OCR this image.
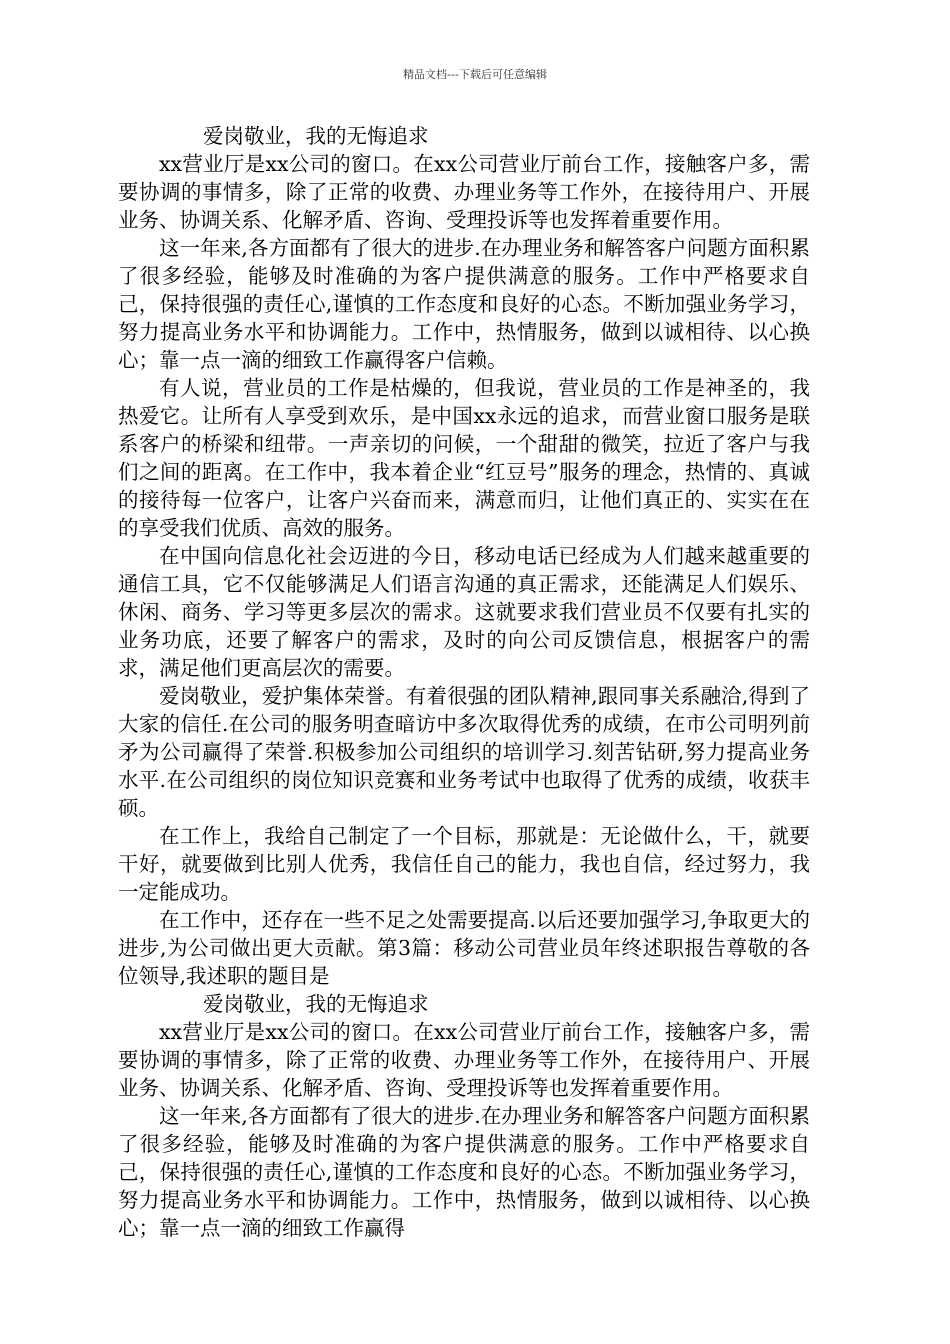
精品文档---下载后可任意编辑

爱岗敬业，我的无悔追求

xx营业厅是xx公司的窗口。在xx公司营业厅前台工作，接触客户多，需要协调的事情多，除了正常的收费、办理业务等工作外，在接待用户、开展业务、协调关系、化解矛盾、咨询、受理投诉等也发挥着重要作用。

这一年来,各方面都有了很大的进步.在办理业务和解答客户问题方面积累了很多经验，能够及时准确的为客户提供满意的服务。工作中严格要求自己，保持很强的责任心,谨慎的工作态度和良好的心态。不断加强业务学习，努力提高业务水平和协调能力。工作中，热情服务，做到以诚相待、以心换心；靠一点一滴的细致工作赢得客户信赖。

有人说，营业员的工作是枯燥的，但我说，营业员的工作是神圣的，我热爱它。让所有人享受到欢乐，是中国xx永远的追求，而营业窗口服务是联系客户的桥梁和纽带。一声亲切的问候，一个甜甜的微笑，拉近了客户与我们之间的距离。在工作中，我本着企业“红豆号”服务的理念，热情的、真诚的接待每一位客户，让客户兴奋而来，满意而归，让他们真正的、实实在在的享受我们优质、高效的服务。

在中国向信息化社会迈进的今日，移动电话已经成为人们越来越重要的通信工具，它不仅能够满足人们语言沟通的真正需求，还能满足人们娱乐、休闲、商务、学习等更多层次的需求。这就要求我们营业员不仅要有扎实的业务功底，还要了解客户的需求，及时的向公司反馈信息，根据客户的需求，满足他们更高层次的需要。

爱岗敬业，爱护集体荣誉。有着很强的团队精神,跟同事关系融洽,得到了大家的信任.在公司的服务明查暗访中多次取得优秀的成绩，在市公司明列前矛为公司赢得了荣誉.积极参加公司组织的培训学习.刻苦钻研,努力提高业务水平.在公司组织的岗位知识竞赛和业务考试中也取得了优秀的成绩，收获丰硕。

在工作上，我给自己制定了一个目标，那就是：无论做什么，干，就要干好，就要做到比别人优秀，我信任自己的能力，我也自信，经过努力，我一定能成功。

在工作中，还存在一些不足之处需要提高.以后还要加强学习,争取更大的进步,为公司做出更大贡献。第3篇：移动公司营业员年终述职报告尊敬的各位领导,我述职的题目是

爱岗敬业，我的无悔追求

xx营业厅是xx公司的窗口。在xx公司营业厅前台工作，接触客户多，需要协调的事情多，除了正常的收费、办理业务等工作外，在接待用户、开展业务、协调关系、化解矛盾、咨询、受理投诉等也发挥着重要作用。

这一年来,各方面都有了很大的进步.在办理业务和解答客户问题方面积累了很多经验，能够及时准确的为客户提供满意的服务。工作中严格要求自己，保持很强的责任心,谨慎的工作态度和良好的心态。不断加强业务学习，努力提高业务水平和协调能力。工作中，热情服务，做到以诚相待、以心换心；靠一点一滴的细致工作赢得
